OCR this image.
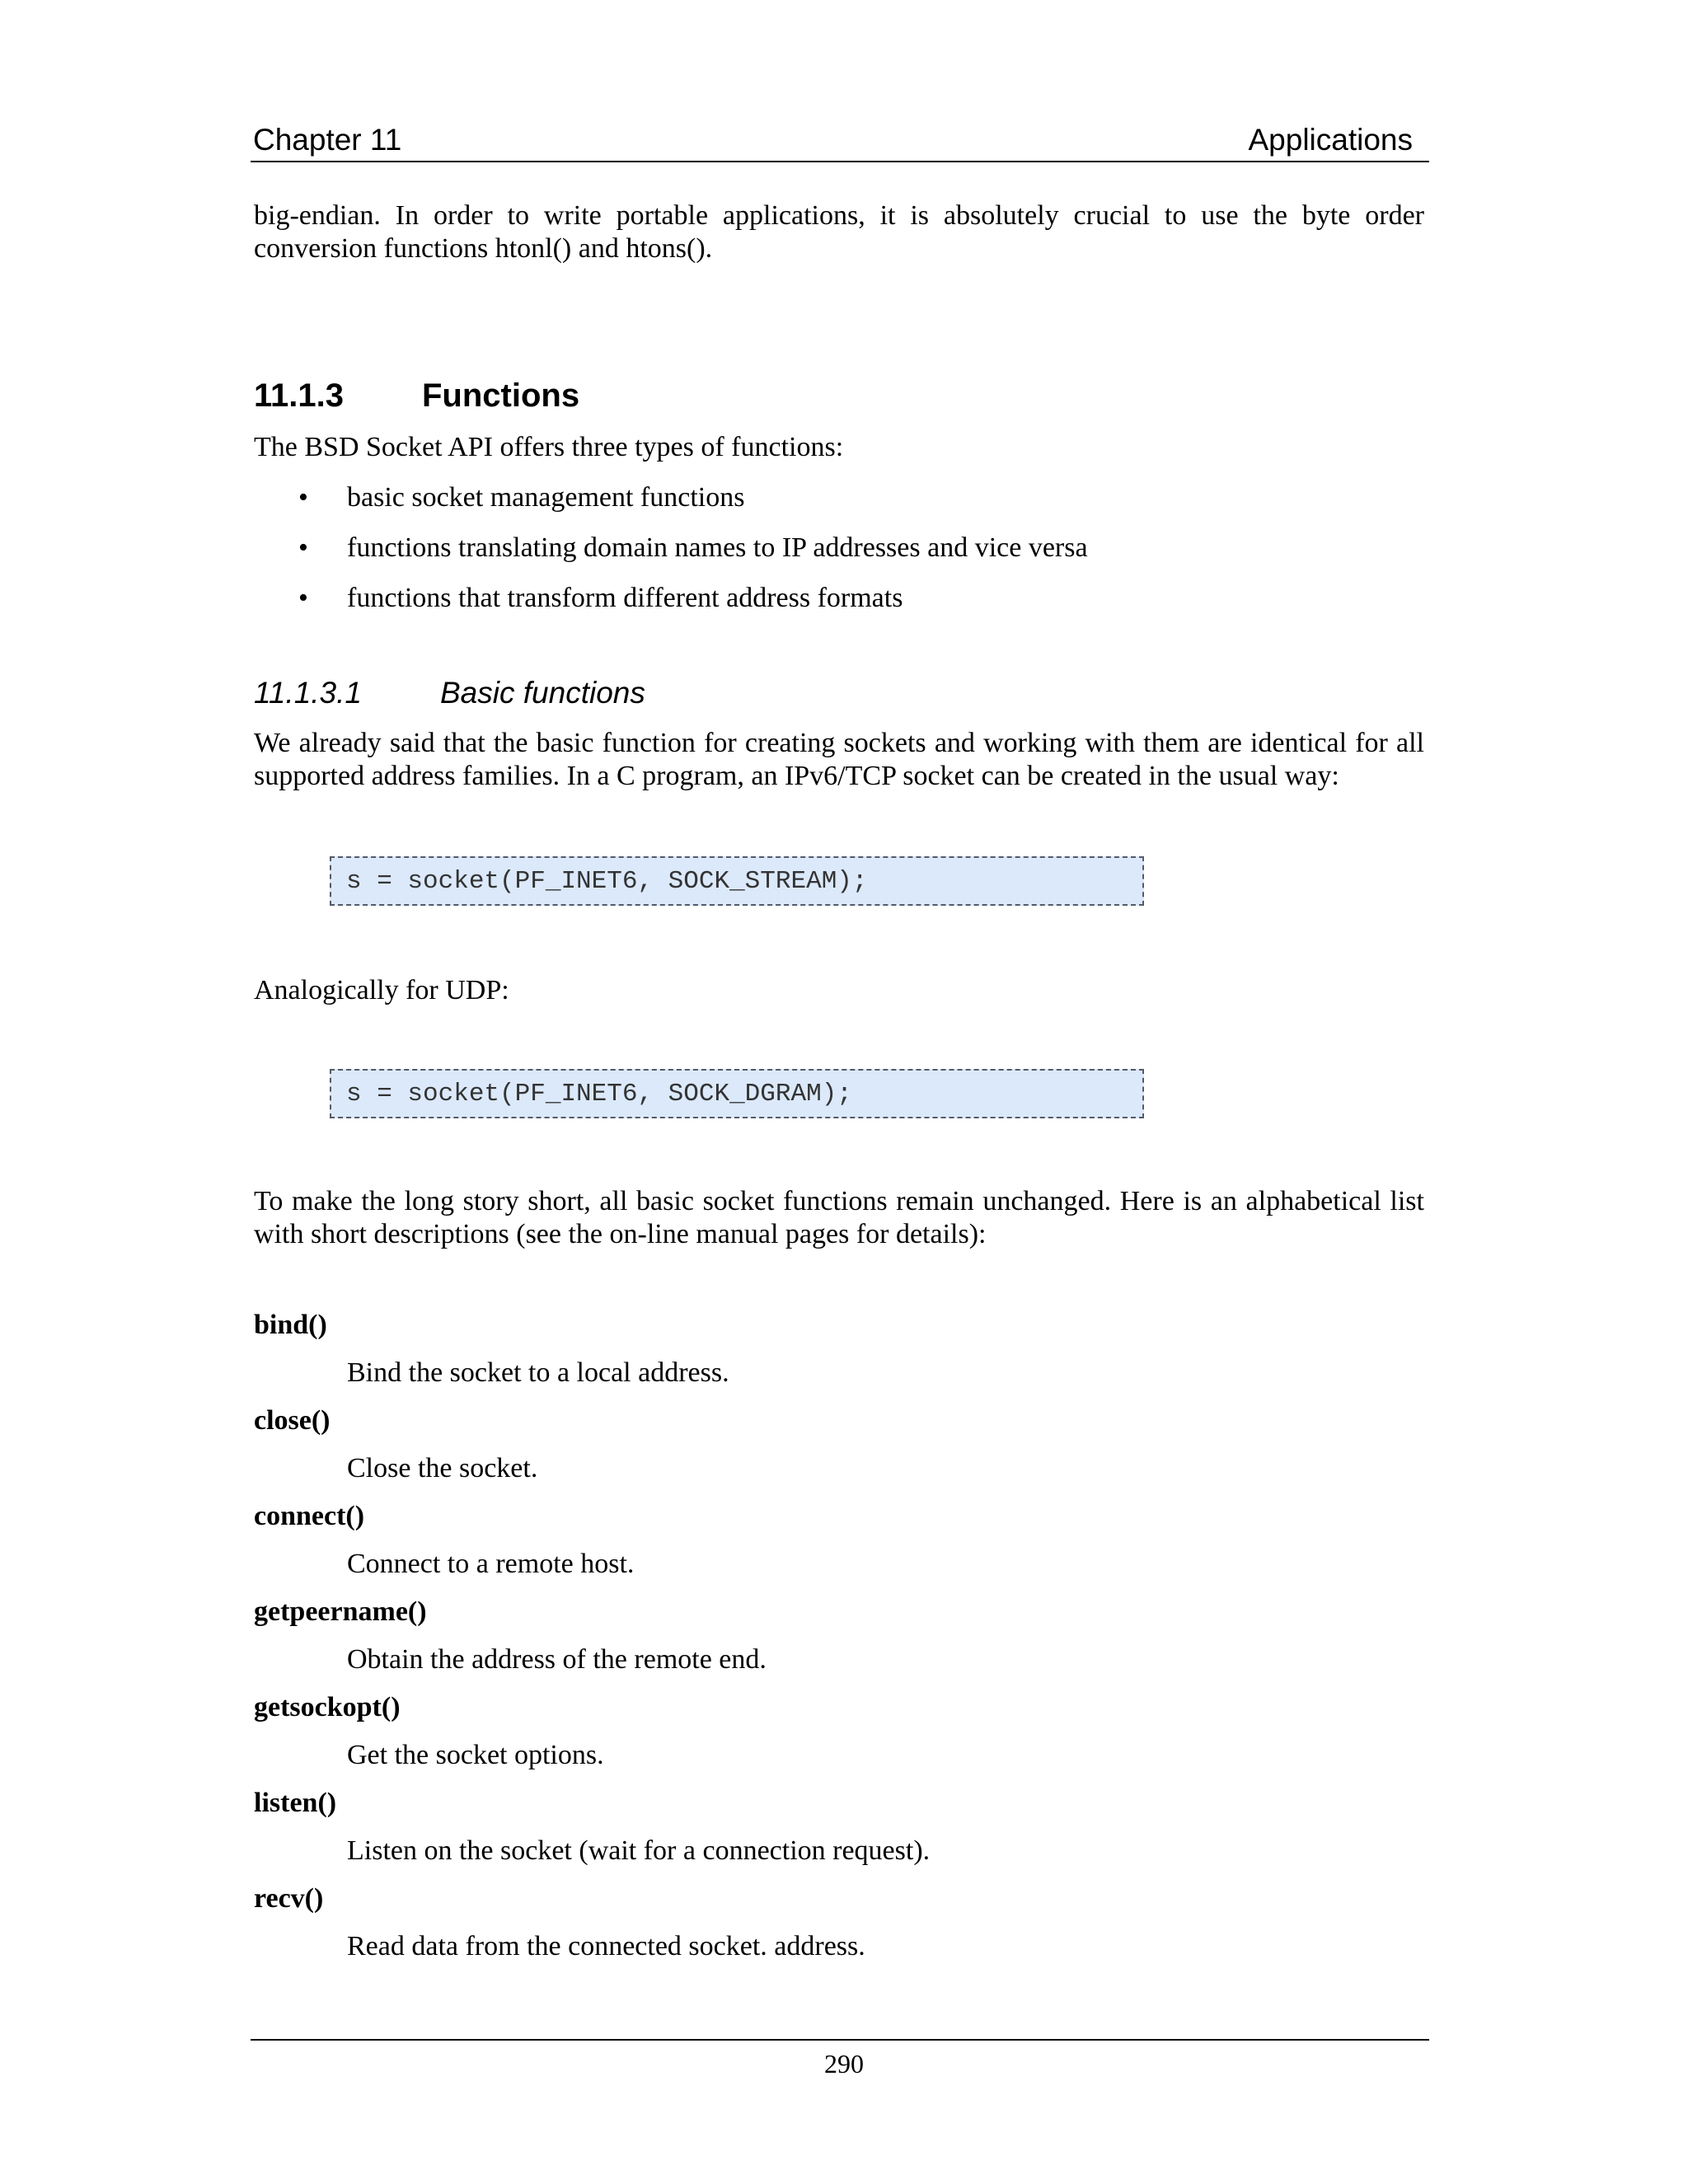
Chapter 11	Applications
big-endian. In order to write portable applications, it is absolutely crucial to use the byte order conversion functions htonl() and htons().
11.1.3 Functions
The BSD Socket API offers three types of functions:
• basic socket management functions
• functions translating domain names to IP addresses and vice versa
• functions that transform different address formats
11.1.3.1	Basic functions
We already said that the basic function for creating sockets and working with them are identical for all supported address families. In a C program, an IPv6/TCP socket can be created in the usual way:
s = socket(PF_INET6, SOCK_STREAM);
Analogically for UDP:
s = socket(PF_INET6, SOCK_DGRAM);
To make the long story short, all basic socket functions remain unchanged. Here is an alphabetical list with short descriptions (see the on-line manual pages for details):
bind()
Bind the socket to a local address.
close()
Close the socket.
connect()
Connect to a remote host.
getpeername()
Obtain the address of the remote end.
getsockopt()
Get the socket options.
listen()
Listen on the socket (wait for a connection request).
recv()
Read data from the connected socket. address.
290
